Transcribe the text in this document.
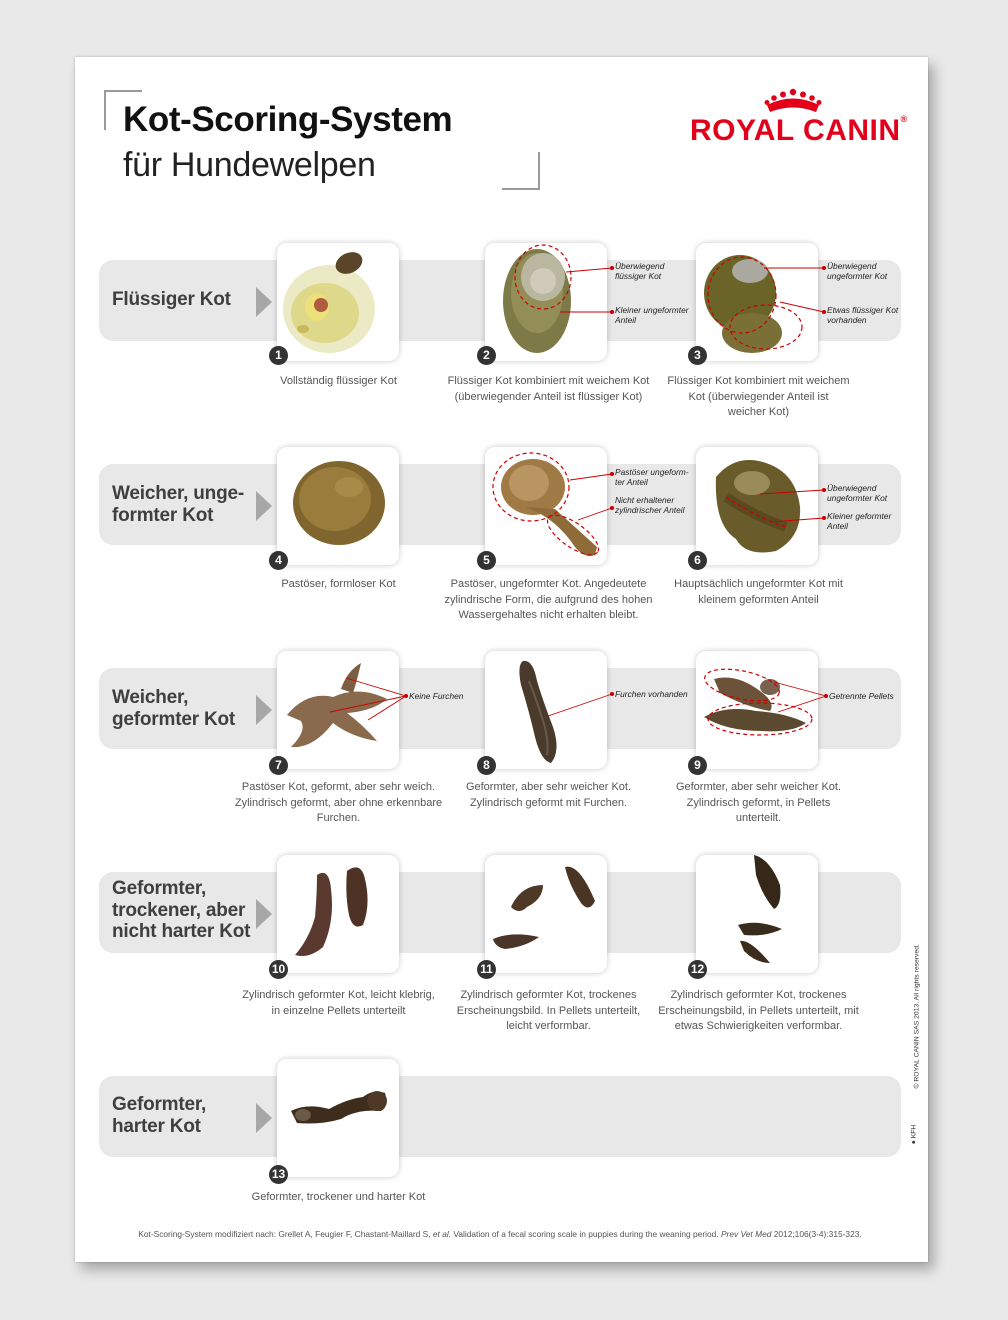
Kot-Scoring-System
für Hundewelpen
ROYAL CANIN®
Flüssiger Kot
Weicher, unge-
formter Kot
Weicher,
geformter Kot
Geformter,
trockener, aber
nicht harter Kot
Geformter,
harter Kot
1	2	3
4	5	6
7	8	9
10	11	12
13
Vollständig flüssiger Kot	Flüssiger Kot kombiniert mit weichem Kot
(überwiegender Anteil ist flüssiger Kot)
Flüssiger Kot kombiniert mit weichem
Kot (überwiegender Anteil ist
weicher Kot)
Pastöser, formloser Kot	Pastöser, ungeformter Kot. Angedeutete
zylindrische Form, die aufgrund des hohen
Wassergehaltes nicht erhalten bleibt.
Hauptsächlich ungeformter Kot mit
kleinem geformten Anteil
Pastöser Kot, geformt, aber sehr weich.
Zylindrisch geformt, aber ohne erkennbare
Furchen.
Geformter, aber sehr weicher Kot.
Zylindrisch geformt mit Furchen.
Geformter, aber sehr weicher Kot.
Zylindrisch geformt, in Pellets
unterteilt.
Zylindrisch geformter Kot, leicht klebrig,
in einzelne Pellets unterteilt
Zylindrisch geformter Kot, trockenes
Erscheinungsbild. In Pellets unterteilt,
leicht verformbar.
Zylindrisch geformter Kot, trockenes
Erscheinungsbild, in Pellets unterteilt, mit
etwas Schwierigkeiten verformbar.
Geformter, trockener und harter Kot
Überwiegend
flüssiger Kot
Kleiner ungeformter
Anteil
Überwiegend
ungeformter Kot
Etwas flüssiger Kot
vorhanden
Pastöser ungeform-
ter Anteil
Nicht erhaltener
zylindrischer Anteil
Überwiegend
ungeformter Kot
Kleiner geformter
Anteil
Keine Furchen	Furchen vorhanden	Getrennte Pellets
Kot-Scoring-System modifiziert nach: Grellet A, Feugier F, Chastant-Maillard S, et al. Validation of a fecal scoring scale in puppies during the weaning period. Prev Vet Med 2012;106(3-4):315-323.
© ROYAL CANIN SAS 2013. All rights reserved.
● KFH
